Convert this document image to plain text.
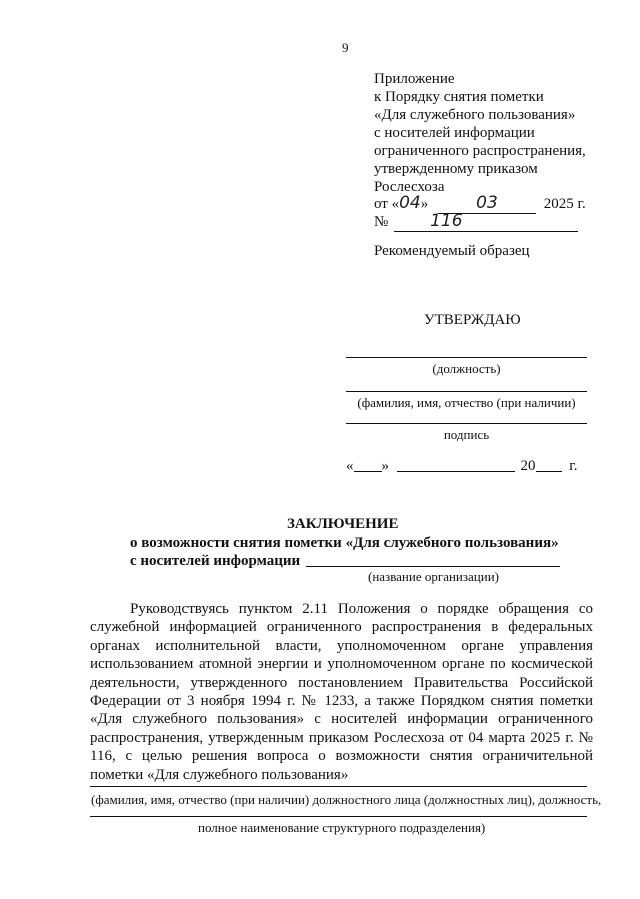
9
Приложение
к Порядку снятия пометки
«Для служебного пользования»
с носителей информации
ограниченного распространения,
утвержденному приказом
Рослесхоза
от «04»	03	2025 г.
№ 116
Рекомендуемый образец
УТВЕРЖДАЮ
(должность)
(фамилия, имя, отчество (при наличии)
подпись
« »	20 г.
ЗАКЛЮЧЕНИЕ
о возможности снятия пометки «Для служебного пользования»
с носителей информации
(название организации)
Руководствуясь пунктом 2.11 Положения о порядке обращения со служебной информацией ограниченного распространения в федеральных органах исполнительной власти, уполномоченном органе управления использованием атомной энергии и уполномоченном органе по космической деятельности, утвержденного постановлением Правительства Российской Федерации от 3 ноября 1994 г. № 1233, а также Порядком снятия пометки «Для служебного пользования» с носителей информации ограниченного распространения, утвержденным приказом Рослесхоза от 04 марта 2025 г. № 116, с целью решения вопроса о возможности снятия ограничительной пометки «Для служебного пользования»
(фамилия, имя, отчество (при наличии) должностного лица (должностных лиц), должность,
полное наименование структурного подразделения)
